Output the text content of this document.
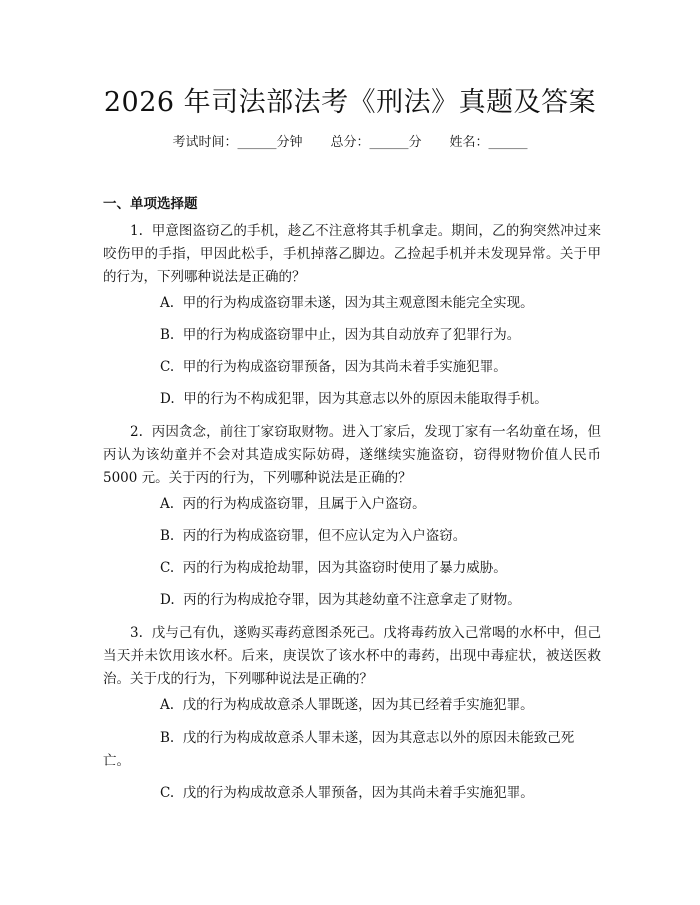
2026 年司法部法考《刑法》真题及答案
考试时间：______分钟 总分：______分 姓名：______
一、单项选择题
1.  甲意图盗窃乙的手机，趁乙不注意将其手机拿走。期间，乙的狗突然冲过来咬伤甲的手指，甲因此松手，手机掉落乙脚边。乙捡起手机并未发现异常。关于甲的行为，下列哪种说法是正确的？
A.  甲的行为构成盗窃罪未遂，因为其主观意图未能完全实现。
B.  甲的行为构成盗窃罪中止，因为其自动放弃了犯罪行为。
C.  甲的行为构成盗窃罪预备，因为其尚未着手实施犯罪。
D.  甲的行为不构成犯罪，因为其意志以外的原因未能取得手机。
2.  丙因贪念，前往丁家窃取财物。进入丁家后，发现丁家有一名幼童在场，但丙认为该幼童并不会对其造成实际妨碍，遂继续实施盗窃，窃得财物价值人民币 5000 元。关于丙的行为，下列哪种说法是正确的？
A.  丙的行为构成盗窃罪，且属于入户盗窃。
B.  丙的行为构成盗窃罪，但不应认定为入户盗窃。
C.  丙的行为构成抢劫罪，因为其盗窃时使用了暴力威胁。
D.  丙的行为构成抢夺罪，因为其趁幼童不注意拿走了财物。
3.  戊与己有仇，遂购买毒药意图杀死己。戊将毒药放入己常喝的水杯中，但己当天并未饮用该水杯。后来，庚误饮了该水杯中的毒药，出现中毒症状，被送医救治。关于戊的行为，下列哪种说法是正确的？
A.  戊的行为构成故意杀人罪既遂，因为其已经着手实施犯罪。
B.  戊的行为构成故意杀人罪未遂，因为其意志以外的原因未能致己死亡。
C.  戊的行为构成故意杀人罪预备，因为其尚未着手实施犯罪。
